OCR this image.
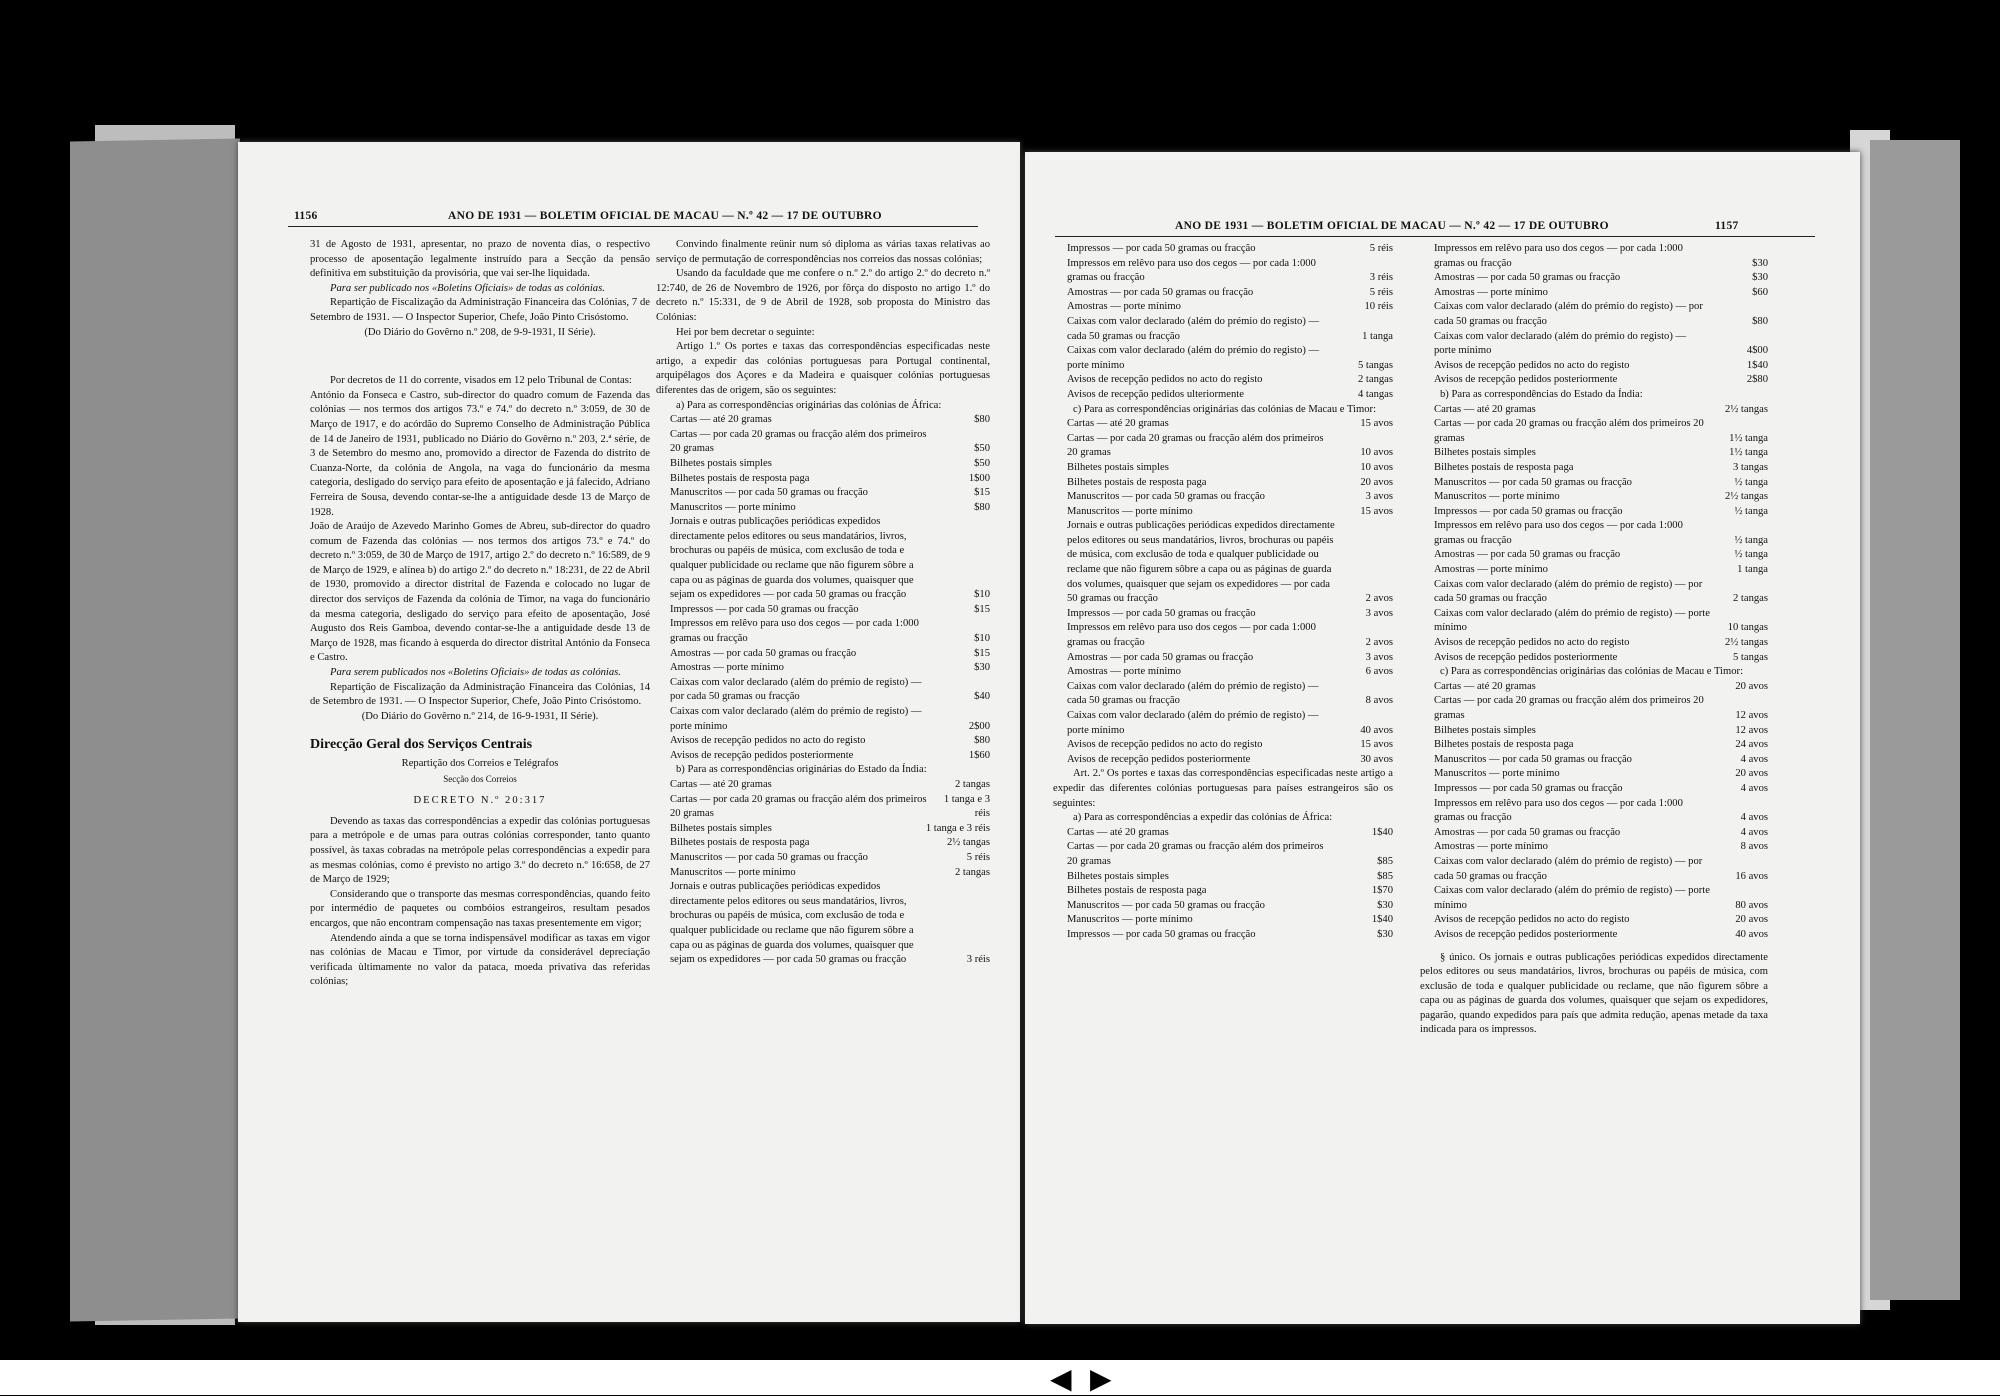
1156	ANO DE 1931 — BOLETIM OFICIAL DE MACAU — N.º 42 — 17 DE OUTUBRO

31 de Agosto de 1931, apresentar, no prazo de noventa dias, o respectivo processo de aposentação legalmente instruído para a Secção da pensão definitiva em substituição da provisória, que vai ser-lhe liquidada.

Para ser publicado nos «Boletins Oficiais» de todas as colónias.

Repartição de Fiscalização da Administração Financeira das Colónias, 7 de Setembro de 1931. — O Inspector Superior, Chefe, João Pinto Crisóstomo.

(Do Diário do Govêrno n.º 208, de 9-9-1931, II Série).

Por decretos de 11 do corrente, visados em 12 pelo Tribunal de Contas:

António da Fonseca e Castro, sub-director do quadro comum de Fazenda das colónias — nos termos dos artigos 73.º e 74.º do decreto n.º 3:059, de 30 de Março de 1917, e do acórdão do Supremo Conselho de Administração Pública de 14 de Janeiro de 1931, publicado no Diário do Govêrno n.º 203, 2.ª série, de 3 de Setembro do mesmo ano, promovido a director de Fazenda do distrito de Cuanza-Norte, da colónia de Angola, na vaga do funcionário da mesma categoria, desligado do serviço para efeito de aposentação e já falecido, Adriano Ferreira de Sousa, devendo contar-se-lhe a antiguidade desde 13 de Março de 1928.

João de Araújo de Azevedo Marinho Gomes de Abreu, sub-director do quadro comum de Fazenda das colónias — nos termos dos artigos 73.º e 74.º do decreto n.º 3:059, de 30 de Março de 1917, artigo 2.º do decreto n.º 16:589, de 9 de Março de 1929, e alínea b) do artigo 2.º do decreto n.º 18:231, de 22 de Abril de 1930, promovido a director distrital de Fazenda e colocado no lugar de director dos serviços de Fazenda da colónia de Timor, na vaga do funcionário da mesma categoria, desligado do serviço para efeito de aposentação, José Augusto dos Reis Gamboa, devendo contar-se-lhe a antiguidade desde 13 de Março de 1928, mas ficando à esquerda do director distrital António da Fonseca e Castro.

Para serem publicados nos «Boletins Oficiais» de todas as colónias.

Repartição de Fiscalização da Administração Financeira das Colónias, 14 de Setembro de 1931. — O Inspector Superior, Chefe, João Pinto Crisóstomo.

(Do Diário do Govêrno n.º 214, de 16-9-1931, II Série).

Direcção Geral dos Serviços Centrais

Repartição dos Correios e Telégrafos

Secção dos Correios

DECRETO N.º 20:317

Devendo as taxas das correspondências a expedir das colónias portuguesas para a metrópole e de umas para outras colónias corresponder, tanto quanto possível, às taxas cobradas na metrópole pelas correspondências a expedir para as mesmas colónias, como é previsto no artigo 3.º do decreto n.º 16:658, de 27 de Março de 1929;

Considerando que o transporte das mesmas correspondências, quando feito por intermédio de paquetes ou combóios estrangeiros, resultam pesados encargos, que não encontram compensação nas taxas presentemente em vigor;

Atendendo ainda a que se torna indispensável modificar as taxas em vigor nas colónias de Macau e Timor, por virtude da considerável depreciação verificada ùltimamente no valor da pataca, moeda privativa das referidas colónias;

Convindo finalmente reünir num só diploma as várias taxas relativas ao serviço de permutação de correspondências nos correios das nossas colónias;

Usando da faculdade que me confere o n.º 2.º do artigo 2.º do decreto n.º 12:740, de 26 de Novembro de 1926, por fôrça do disposto no artigo 1.º do decreto n.º 15:331, de 9 de Abril de 1928, sob proposta do Ministro das Colónias:

Hei por bem decretar o seguinte:

Artigo 1.º Os portes e taxas das correspondências especificadas neste artigo, a expedir das colónias portuguesas para Portugal continental, arquipélagos dos Açores e da Madeira e quaisquer colónias portuguesas diferentes das de origem, são os seguintes:

a) Para as correspondências originárias das colónias de África:

Cartas — até 20 gramas	$80
Cartas — por cada 20 gramas ou fracção além dos primeiros 20 gramas	$50
Bilhetes postais simples	$50
Bilhetes postais de resposta paga	1$00
Manuscritos — por cada 50 gramas ou fracção	$15
Manuscritos — porte mínimo	$80
Jornais e outras publicações periódicas expedidos directamente pelos editores ou seus mandatários, livros, brochuras ou papéis de música, com exclusão de toda e qualquer publicidade ou reclame que não figurem sôbre a capa ou as páginas de guarda dos volumes, quaisquer que sejam os expedidores — por cada 50 gramas ou fracção	$10
Impressos — por cada 50 gramas ou fracção	$15
Impressos em relêvo para uso dos cegos — por cada 1:000 gramas ou fracção	$10
Amostras — por cada 50 gramas ou fracção	$15
Amostras — porte mínimo	$30
Caixas com valor declarado (além do prémio de registo) — por cada 50 gramas ou fracção	$40
Caixas com valor declarado (além do prémio de registo) — porte mínimo	2$00
Avisos de recepção pedidos no acto do registo	$80
Avisos de recepção pedidos posteriormente	1$60

b) Para as correspondências originárias do Estado da Índia:

Cartas — até 20 gramas	2 tangas
Cartas — por cada 20 gramas ou fracção além dos primeiros 20 gramas
1 tanga e 3 réis
Bilhetes postais simples	1 tanga e 3 réis
Bilhetes postais de resposta paga	2½ tangas
Manuscritos — por cada 50 gramas ou fracção	5 réis
Manuscritos — porte mínimo	2 tangas
Jornais e outras publicações periódicas expedidos directamente pelos editores ou seus mandatários, livros, brochuras ou papéis de música, com exclusão de toda e qualquer publicidade ou reclame que não figurem sôbre a capa ou as páginas de guarda dos volumes, quaisquer que sejam os expedidores — por cada 50 gramas ou fracção	3 réis
ANO DE 1931 — BOLETIM OFICIAL DE MACAU — N.º 42 — 17 DE OUTUBRO	1157
Impressos — por cada 50 gramas ou fracção	5 réis
Impressos em relêvo para uso dos cegos — por cada 1:000 gramas ou fracção	3 réis
Amostras — por cada 50 gramas ou fracção	5 réis
Amostras — porte mínimo	10 réis
Caixas com valor declarado (além do prémio do registo) — cada 50 gramas ou fracção	1 tanga
Caixas com valor declarado (além do prémio do registo) — porte mínimo	5 tangas
Avisos de recepção pedidos no acto do registo	2 tangas
Avisos de recepção pedidos ulteriormente	4 tangas

c) Para as correspondências originárias das colónias de Macau e Timor:

Cartas — até 20 gramas	15 avos
Cartas — por cada 20 gramas ou fracção além dos primeiros 20 gramas	10 avos
Bilhetes postais simples	10 avos
Bilhetes postais de resposta paga	20 avos
Manuscritos — por cada 50 gramas ou fracção	3 avos
Manuscritos — porte mínimo	15 avos
Jornais e outras publicações periódicas expedidos directamente pelos editores ou seus mandatários, livros, brochuras ou papéis de música, com exclusão de toda e qualquer publicidade ou reclame que não figurem sôbre a capa ou as páginas de guarda dos volumes, quaisquer que sejam os expedidores — por cada 50 gramas ou fracção	2 avos
Impressos — por cada 50 gramas ou fracção	3 avos
Impressos em relêvo para uso dos cegos — por cada 1:000 gramas ou fracção	2 avos
Amostras — por cada 50 gramas ou fracção	3 avos
Amostras — porte mínimo	6 avos
Caixas com valor declarado (além do prémio de registo) — cada 50 gramas ou fracção	8 avos
Caixas com valor declarado (além do prémio de registo) — porte mínimo	40 avos
Avisos de recepção pedidos no acto do registo	15 avos
Avisos de recepção pedidos posteriormente	30 avos

Art. 2.º Os portes e taxas das correspondências especificadas neste artigo a expedir das diferentes colónias portuguesas para países estrangeiros são os seguintes:

a) Para as correspondências a expedir das colónias de África:

Cartas — até 20 gramas	1$40
Cartas — por cada 20 gramas ou fracção além dos primeiros 20 gramas	$85
Bilhetes postais simples	$85
Bilhetes postais de resposta paga	1$70
Manuscritos — por cada 50 gramas ou fracção	$30
Manuscritos — porte mínimo	1$40
Impressos — por cada 50 gramas ou fracção	$30
Impressos em relêvo para uso dos cegos — por cada 1:000 gramas ou fracção	$30
Amostras — por cada 50 gramas ou fracção	$30
Amostras — porte mínimo	$60
Caixas com valor declarado (além do prémio do registo) — por cada 50 gramas ou fracção	$80
Caixas com valor declarado (além do prémio do registo) — porte mínimo	4$00
Avisos de recepção pedidos no acto do registo	1$40
Avisos de recepção pedidos posteriormente	2$80

b) Para as correspondências do Estado da Índia:

Cartas — até 20 gramas	2½ tangas
Cartas — por cada 20 gramas ou fracção além dos primeiros 20 gramas	1½ tanga
Bilhetes postais simples	1½ tanga
Bilhetes postais de resposta paga	3 tangas
Manuscritos — por cada 50 gramas ou fracção	½ tanga
Manuscritos — porte mínimo	2½ tangas
Impressos — por cada 50 gramas ou fracção	½ tanga
Impressos em relêvo para uso dos cegos — por cada 1:000 gramas ou fracção	½ tanga
Amostras — por cada 50 gramas ou fracção	½ tanga
Amostras — porte mínimo	1 tanga
Caixas com valor declarado (além do prémio de registo) — por cada 50 gramas ou fracção	2 tangas
Caixas com valor declarado (além do prémio de registo) — porte mínimo	10 tangas
Avisos de recepção pedidos no acto do registo	2½ tangas
Avisos de recepção pedidos posteriormente	5 tangas

c) Para as correspondências originárias das colónias de Macau e Timor:

Cartas — até 20 gramas	20 avos
Cartas — por cada 20 gramas ou fracção além dos primeiros 20 gramas	12 avos
Bilhetes postais simples	12 avos
Bilhetes postais de resposta paga	24 avos
Manuscritos — por cada 50 gramas ou fracção	4 avos
Manuscritos — porte mínimo	20 avos
Impressos — por cada 50 gramas ou fracção	4 avos
Impressos em relêvo para uso dos cegos — por cada 1:000 gramas ou fracção	4 avos
Amostras — por cada 50 gramas ou fracção	4 avos
Amostras — porte mínimo	8 avos
Caixas com valor declarado (além do prémio de registo) — por cada 50 gramas ou fracção	16 avos
Caixas com valor declarado (além do prémio de registo) — porte mínimo	80 avos
Avisos de recepção pedidos no acto do registo	20 avos
Avisos de recepção pedidos posteriormente	40 avos

§ único. Os jornais e outras publicações periódicas expedidos directamente pelos editores ou seus mandatários, livros, brochuras ou papéis de música, com exclusão de toda e qualquer publicidade ou reclame, que não figurem sôbre a capa ou as páginas de guarda dos volumes, quaisquer que sejam os expedidores, pagarão, quando expedidos para país que admita redução, apenas metade da taxa indicada para os impressos.

◀ ▶
